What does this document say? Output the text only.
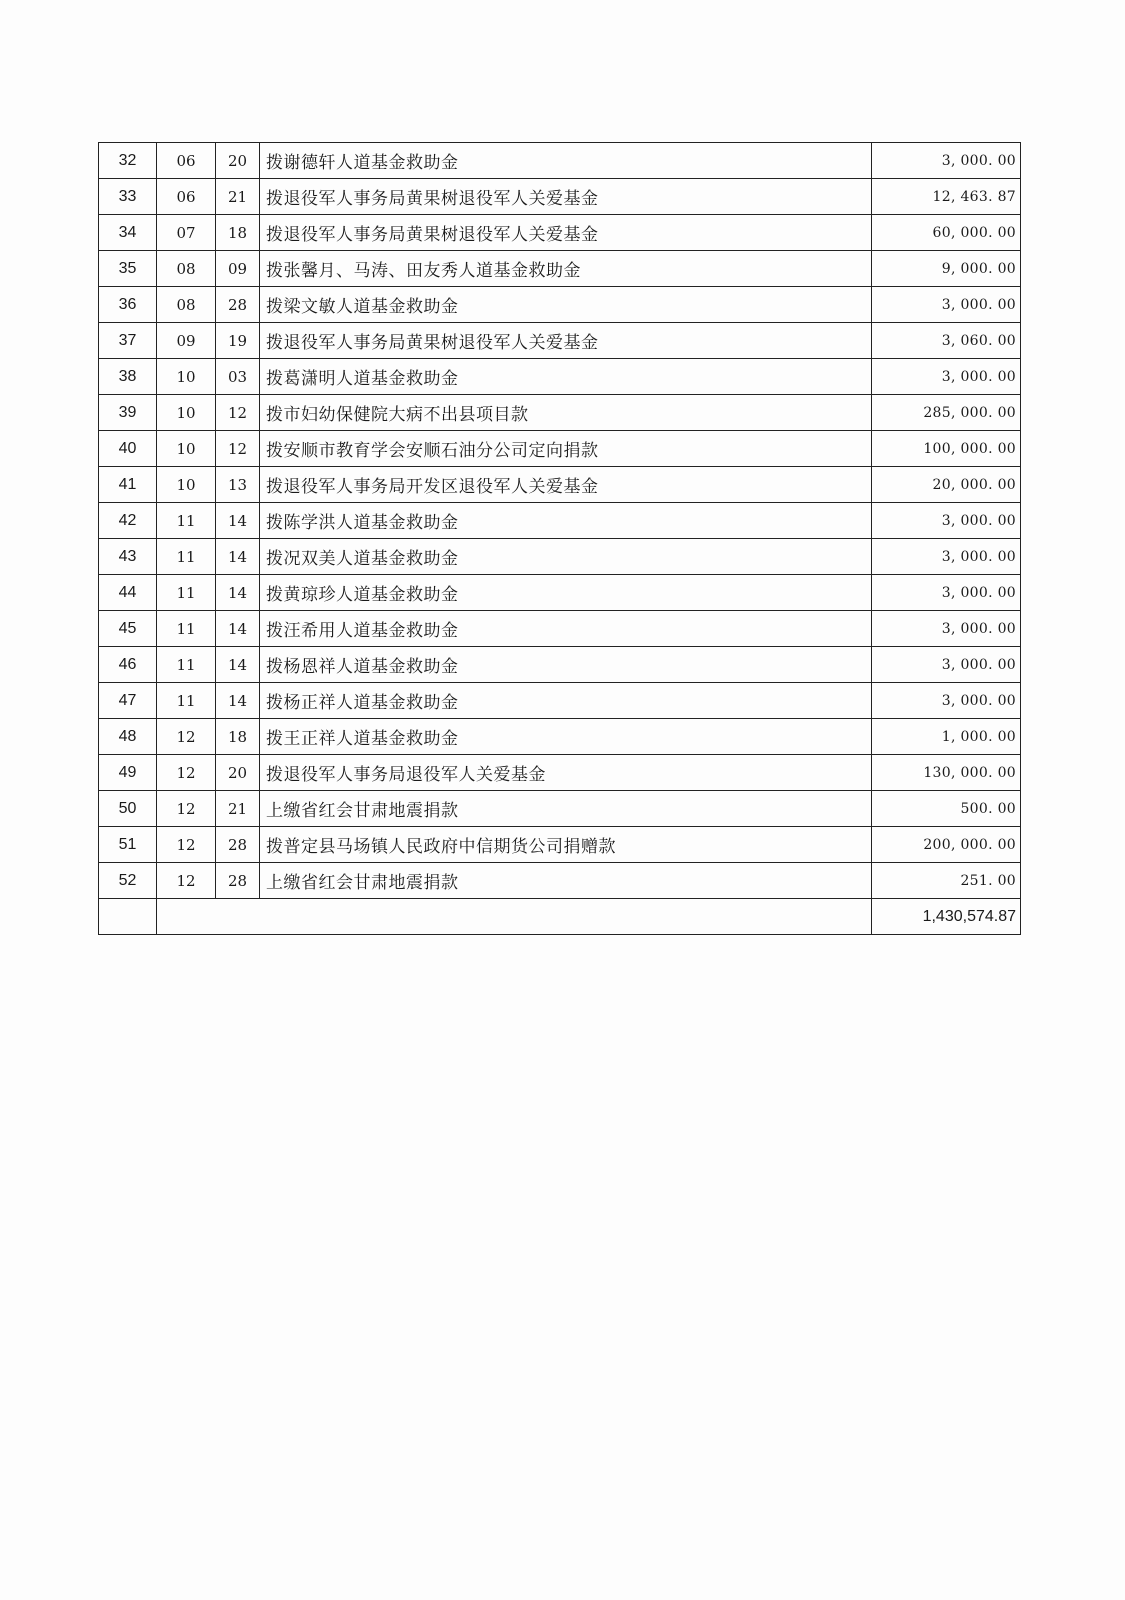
32	06	20	拨谢德轩人道基金救助金	3, 000. 00
33	06	21	拨退役军人事务局黄果树退役军人关爱基金	12, 463. 87
34	07	18	拨退役军人事务局黄果树退役军人关爱基金	60, 000. 00
35	08	09	拨张馨月、马涛、田友秀人道基金救助金	9, 000. 00
36	08	28	拨梁文敏人道基金救助金	3, 000. 00
37	09	19	拨退役军人事务局黄果树退役军人关爱基金	3, 060. 00
38	10	03	拨葛潇明人道基金救助金	3, 000. 00
39	10	12	拨市妇幼保健院大病不出县项目款	285, 000. 00
40	10	12	拨安顺市教育学会安顺石油分公司定向捐款	100, 000. 00
41	10	13	拨退役军人事务局开发区退役军人关爱基金	20, 000. 00
42	11	14	拨陈学洪人道基金救助金	3, 000. 00
43	11	14	拨况双美人道基金救助金	3, 000. 00
44	11	14	拨黄琼珍人道基金救助金	3, 000. 00
45	11	14	拨汪希用人道基金救助金	3, 000. 00
46	11	14	拨杨恩祥人道基金救助金	3, 000. 00
47	11	14	拨杨正祥人道基金救助金	3, 000. 00
48	12	18	拨王正祥人道基金救助金	1, 000. 00
49	12	20	拨退役军人事务局退役军人关爱基金	130, 000. 00
50	12	21	上缴省红会甘肃地震捐款	500. 00
51	12	28	拨普定县马场镇人民政府中信期货公司捐赠款	200, 000. 00
52	12	28	上缴省红会甘肃地震捐款	251. 00
				1,430,574.87
